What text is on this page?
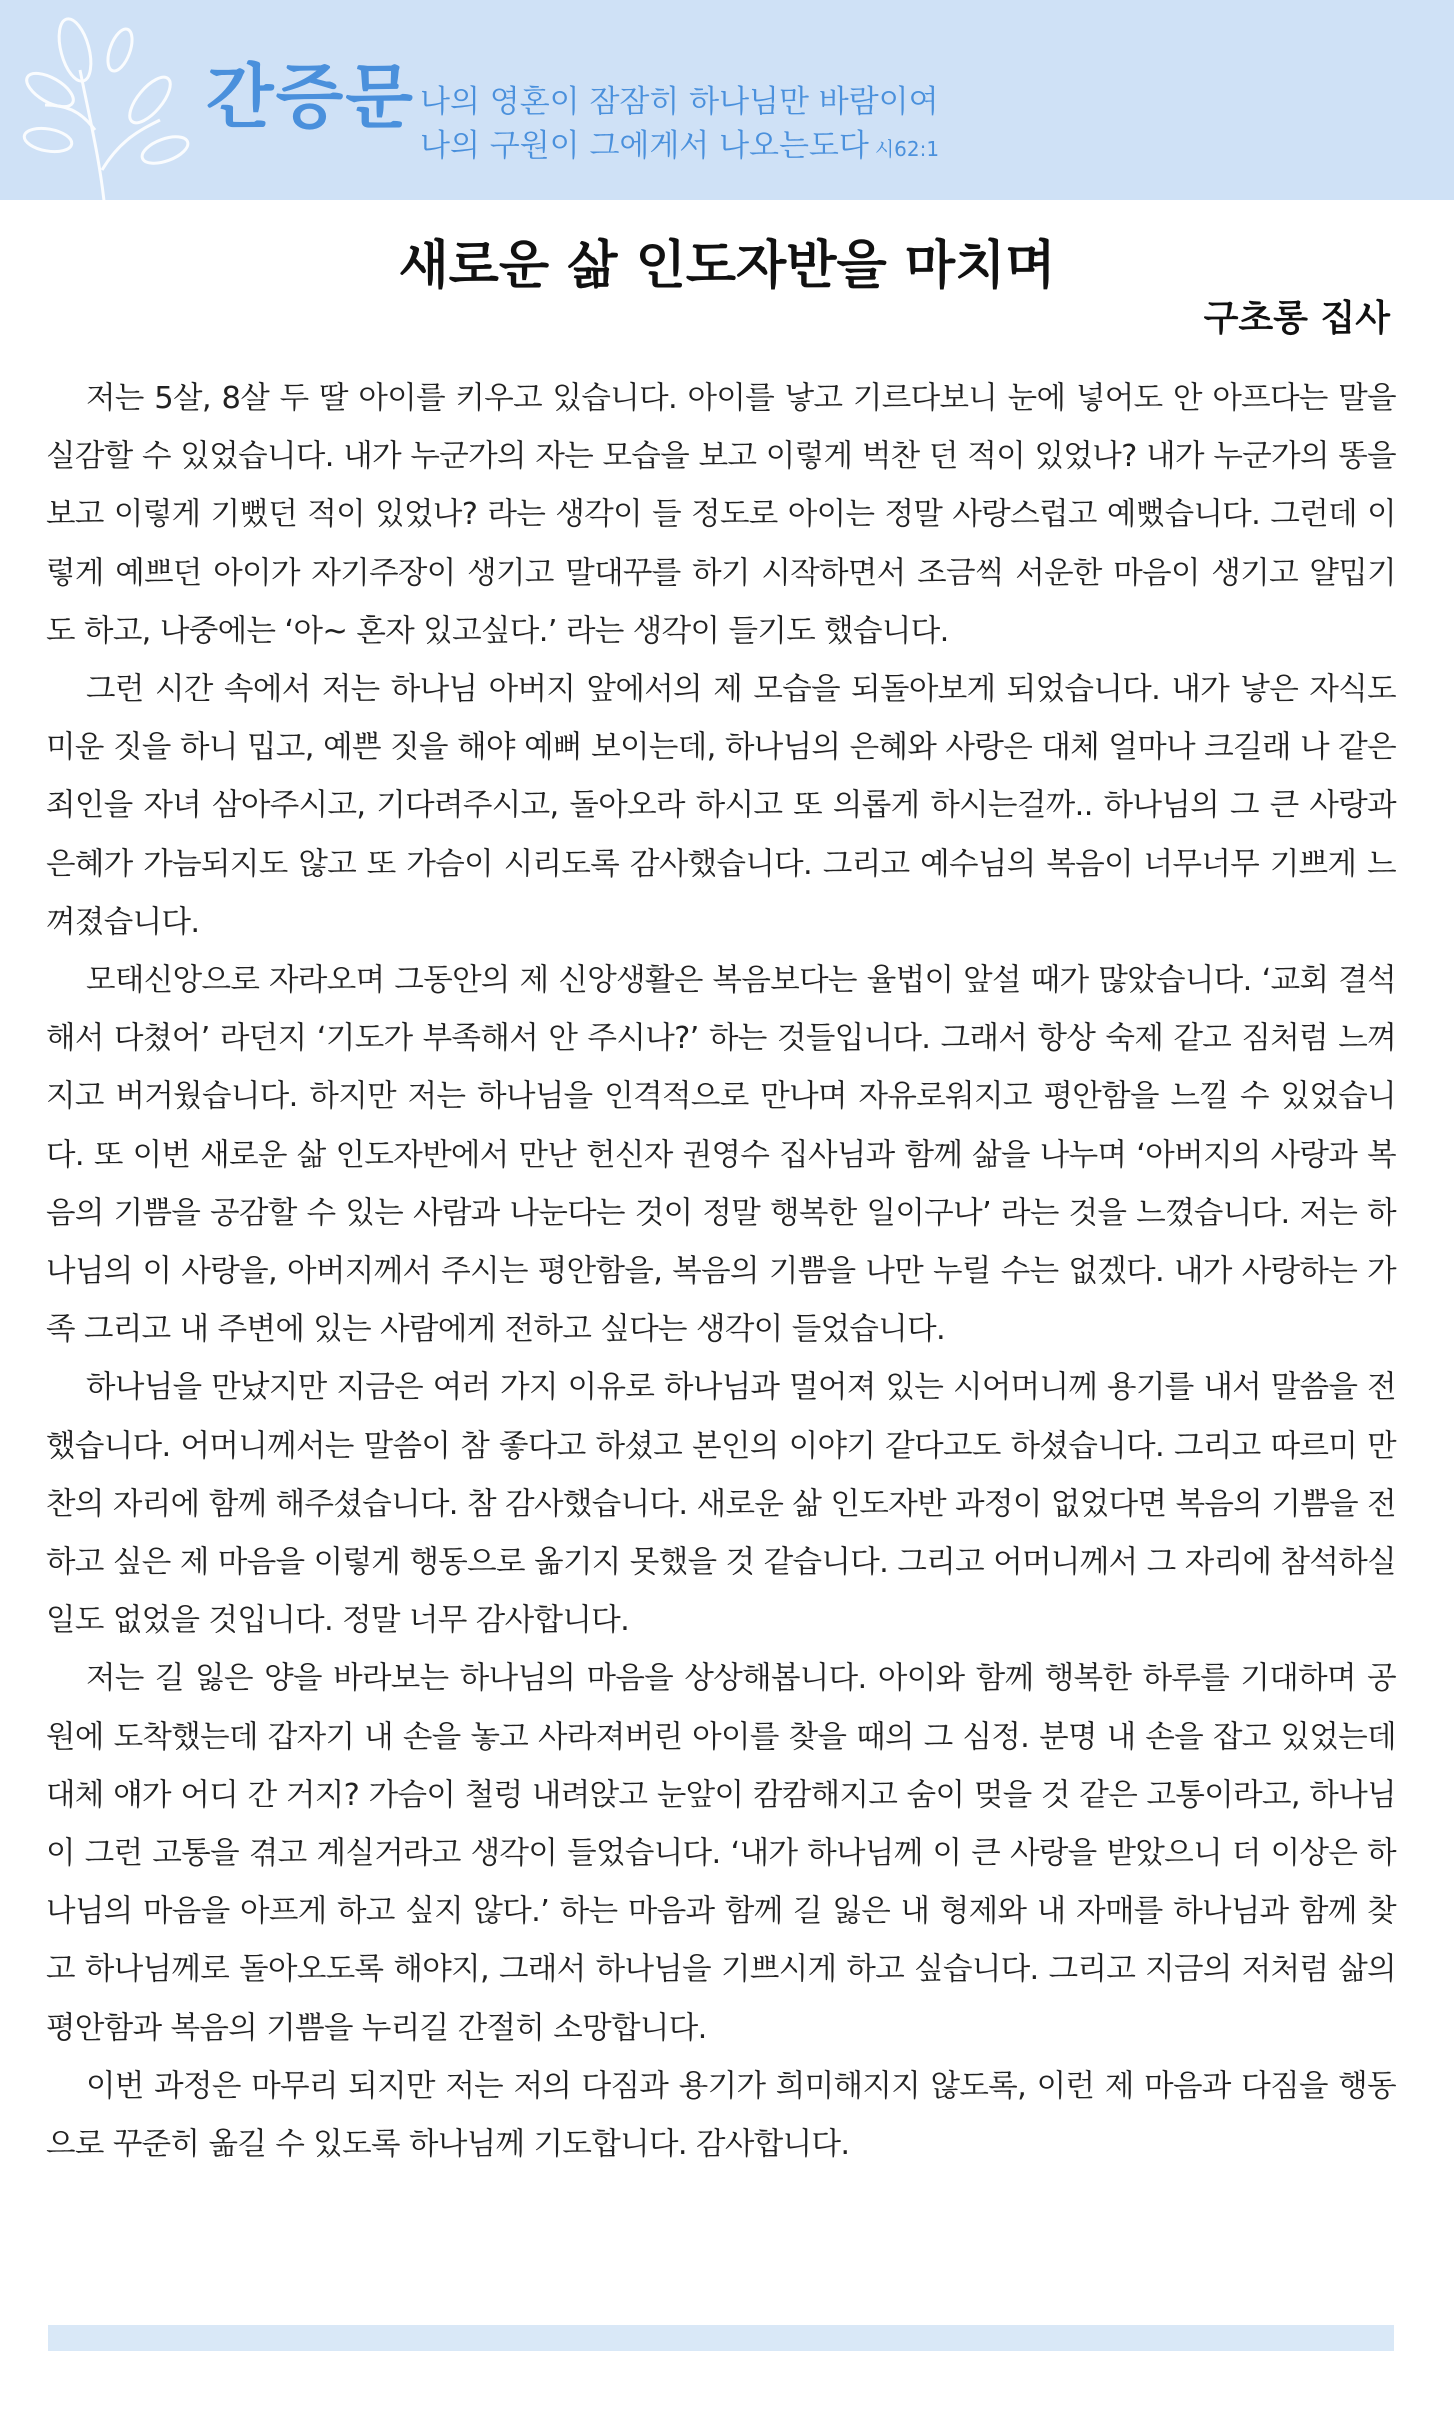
간증문 나의 영혼이 잠잠히 하나님만 바람이여
나의 구원이 그에게서 나오는도다 시62:1
새로운 삶 인도자반을 마치며
구초롱 집사

저는 5살, 8살 두 딸 아이를 키우고 있습니다. 아이를 낳고 기르다보니 눈에 넣어도 안 아프다는 말을 실감할 수 있었습니다. 내가 누군가의 자는 모습을 보고 이렇게 벅찬 던 적이 있었나? 내가 누군가의 똥을 보고 이렇게 기뻤던 적이 있었나? 라는 생각이 들 정도로 아이는 정말 사랑스럽고 예뻤습니다. 그런데 이렇게 예쁘던 아이가 자기주장이 생기고 말대꾸를 하기 시작하면서 조금씩 서운한 마음이 생기고 얄밉기도 하고, 나중에는 ‘아~ 혼자 있고싶다.’ 라는 생각이 들기도 했습니다.

그런 시간 속에서 저는 하나님 아버지 앞에서의 제 모습을 되돌아보게 되었습니다. 내가 낳은 자식도 미운 짓을 하니 밉고, 예쁜 짓을 해야 예뻐 보이는데, 하나님의 은혜와 사랑은 대체 얼마나 크길래 나 같은 죄인을 자녀 삼아주시고, 기다려주시고, 돌아오라 하시고 또 의롭게 하시는걸까.. 하나님의 그 큰 사랑과 은혜가 가늠되지도 않고 또 가슴이 시리도록 감사했습니다. 그리고 예수님의 복음이 너무너무 기쁘게 느껴졌습니다.

모태신앙으로 자라오며 그동안의 제 신앙생활은 복음보다는 율법이 앞설 때가 많았습니다. ‘교회 결석해서 다쳤어’ 라던지 ‘기도가 부족해서 안 주시나?’ 하는 것들입니다. 그래서 항상 숙제 같고 짐처럼 느껴지고 버거웠습니다. 하지만 저는 하나님을 인격적으로 만나며 자유로워지고 평안함을 느낄 수 있었습니다. 또 이번 새로운 삶 인도자반에서 만난 헌신자 권영수 집사님과 함께 삶을 나누며 ‘아버지의 사랑과 복음의 기쁨을 공감할 수 있는 사람과 나눈다는 것이 정말 행복한 일이구나’ 라는 것을 느꼈습니다. 저는 하나님의 이 사랑을, 아버지께서 주시는 평안함을, 복음의 기쁨을 나만 누릴 수는 없겠다. 내가 사랑하는 가족 그리고 내 주변에 있는 사람에게 전하고 싶다는 생각이 들었습니다.

하나님을 만났지만 지금은 여러 가지 이유로 하나님과 멀어져 있는 시어머니께 용기를 내서 말씀을 전했습니다. 어머니께서는 말씀이 참 좋다고 하셨고 본인의 이야기 같다고도 하셨습니다. 그리고 따르미 만찬의 자리에 함께 해주셨습니다. 참 감사했습니다. 새로운 삶 인도자반 과정이 없었다면 복음의 기쁨을 전하고 싶은 제 마음을 이렇게 행동으로 옮기지 못했을 것 같습니다. 그리고 어머니께서 그 자리에 참석하실 일도 없었을 것입니다. 정말 너무 감사합니다.

저는 길 잃은 양을 바라보는 하나님의 마음을 상상해봅니다. 아이와 함께 행복한 하루를 기대하며 공원에 도착했는데 갑자기 내 손을 놓고 사라져버린 아이를 찾을 때의 그 심정. 분명 내 손을 잡고 있었는데 대체 얘가 어디 간 거지? 가슴이 철렁 내려앉고 눈앞이 캄캄해지고 숨이 멎을 것 같은 고통이라고, 하나님이 그런 고통을 겪고 계실거라고 생각이 들었습니다. ‘내가 하나님께 이 큰 사랑을 받았으니 더 이상은 하나님의 마음을 아프게 하고 싶지 않다.’ 하는 마음과 함께 길 잃은 내 형제와 내 자매를 하나님과 함께 찾고 하나님께로 돌아오도록 해야지, 그래서 하나님을 기쁘시게 하고 싶습니다. 그리고 지금의 저처럼 삶의 평안함과 복음의 기쁨을 누리길 간절히 소망합니다.

이번 과정은 마무리 되지만 저는 저의 다짐과 용기가 희미해지지 않도록, 이런 제 마음과 다짐을 행동으로 꾸준히 옮길 수 있도록 하나님께 기도합니다. 감사합니다.
